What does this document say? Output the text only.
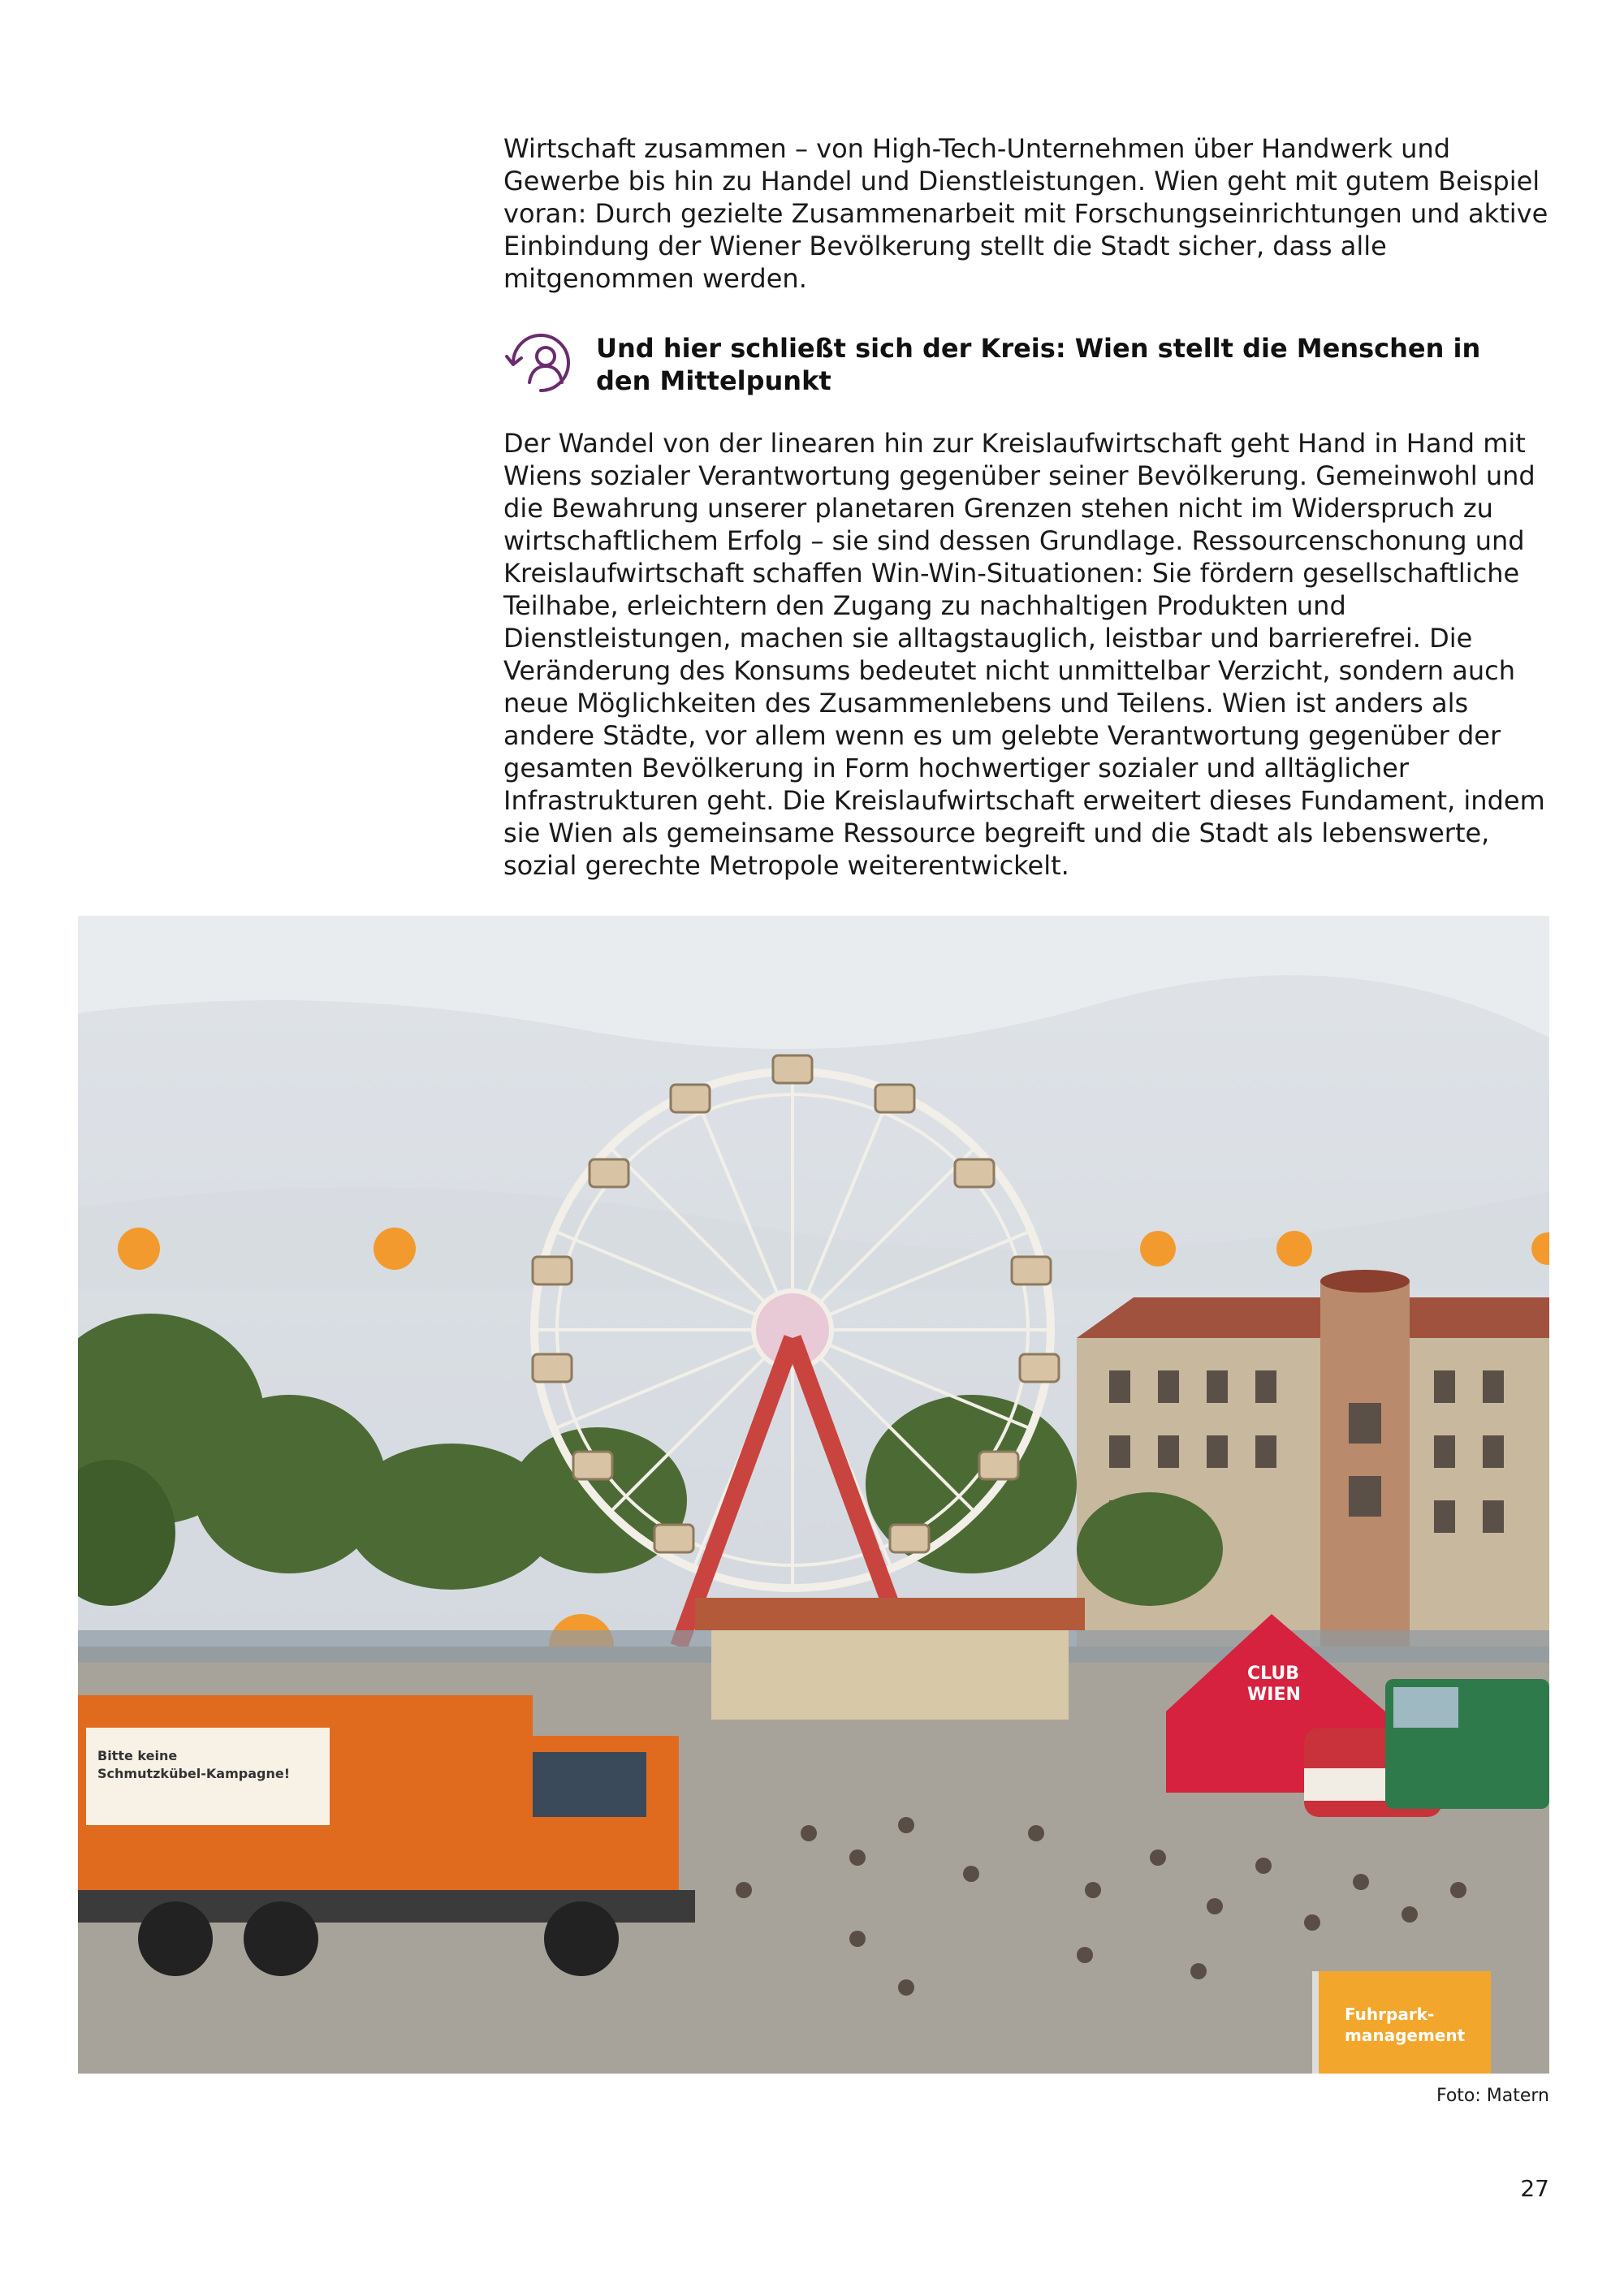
Wirtschaft zusammen – von High-Tech-Unternehmen über Handwerk und Gewerbe bis hin zu Handel und Dienstleistungen. Wien geht mit gutem Beispiel voran: Durch gezielte Zusammenarbeit mit Forschungseinrichtungen und aktive Einbindung der Wiener Bevölkerung stellt die Stadt sicher, dass alle mitgenommen werden.

Und hier schließt sich der Kreis: Wien stellt die Menschen in den Mittelpunkt

Der Wandel von der linearen hin zur Kreislaufwirtschaft geht Hand in Hand mit Wiens sozialer Verantwortung gegenüber seiner Bevölkerung. Gemeinwohl und die Bewahrung unserer planetaren Grenzen stehen nicht im Widerspruch zu wirtschaftlichem Erfolg – sie sind dessen Grundlage. Ressourcenschonung und Kreislaufwirtschaft schaffen Win-Win-Situationen: Sie fördern gesellschaftliche Teilhabe, erleichtern den Zugang zu nachhaltigen Produkten und Dienstleistungen, machen sie alltagstauglich, leistbar und barrierefrei. Die Veränderung des Konsums bedeutet nicht unmittelbar Verzicht, sondern auch neue Möglichkeiten des Zusammenlebens und Teilens. Wien ist anders als andere Städte, vor allem wenn es um gelebte Verantwortung gegenüber der gesamten Bevölkerung in Form hochwertiger sozialer und alltäglicher Infrastrukturen geht. Die Kreislaufwirtschaft erweitert dieses Fundament, indem sie Wien als gemeinsame Ressource begreift und die Stadt als lebenswerte, sozial gerechte Metropole weiterentwickelt.

Bitte keine
Schmutzkübel-Kampagne!
CLUB
WIEN
Fuhrpark-
management
Foto: Matern
27
